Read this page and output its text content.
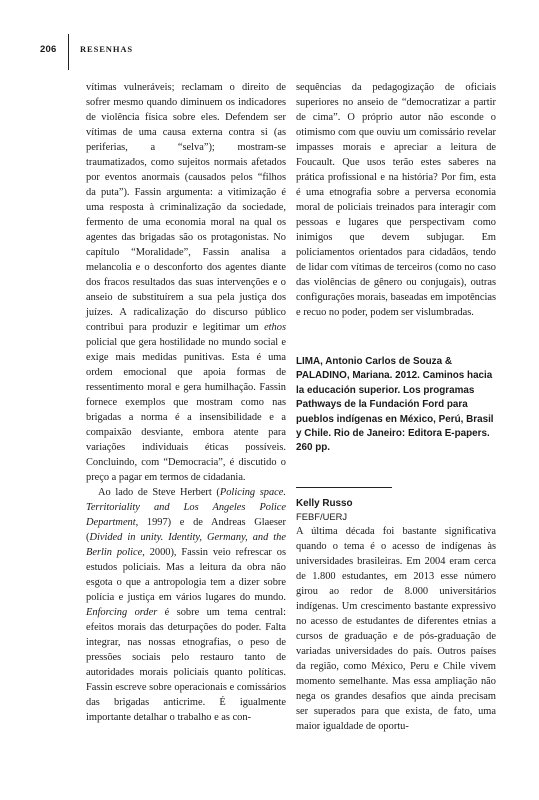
206	RESENHAS

vítimas vulneráveis; reclamam o direito de sofrer mesmo quando diminuem os indicadores de violência física sobre eles. Defendem ser vítimas de uma causa externa contra si (as periferias, a “selva”); mostram-se traumatizados, como sujeitos normais afetados por eventos anormais (causados pelos “filhos da puta”). Fassin argumenta: a vitimização é uma resposta à criminalização da sociedade, fermento de uma economia moral na qual os agentes das brigadas são os protagonistas. No capítulo “Moralidade”, Fassin analisa a melancolia e o desconforto dos agentes diante dos fracos resultados das suas intervenções e o anseio de substituírem a sua pela justiça dos juízes. A radicalização do discurso público contribui para produzir e legitimar um ethos policial que gera hostilidade no mundo social e exige mais medidas punitivas. Esta é uma ordem emocional que apoia formas de ressentimento moral e gera humilhação. Fassin fornece exemplos que mostram como nas brigadas a norma é a insensibilidade e a compaixão desviante, embora atente para variações individuais éticas possíveis. Concluindo, com “Democracia”, é discutido o preço a pagar em termos de cidadania.

Ao lado de Steve Herbert (Policing space. Territoriality and Los Angeles Police Department, 1997) e de Andreas Glaeser (Divided in unity. Identity, Germany, and the Berlin police, 2000), Fassin veio refrescar os estudos policiais. Mas a leitura da obra não esgota o que a antropologia tem a dizer sobre polícia e justiça em vários lugares do mundo. Enforcing order é sobre um tema central: efeitos morais das deturpações do poder. Falta integrar, nas nossas etnografias, o peso de pressões sociais pelo restauro tanto de autoridades morais policiais quanto políticas. Fassin escreve sobre operacionais e comissários das brigadas anticrime. É igualmente importante detalhar o trabalho e as con-

sequências da pedagogização de oficiais superiores no anseio de “democratizar a partir de cima”. O próprio autor não esconde o otimismo com que ouviu um comissário revelar impasses morais e apreciar a leitura de Foucault. Que usos terão estes saberes na prática profissional e na história? Por fim, esta é uma etnografia sobre a perversa economia moral de policiais treinados para interagir com pessoas e lugares que perspectivam como inimigos que devem subjugar. Em policiamentos orientados para cidadãos, tendo de lidar com vítimas de terceiros (como no caso das violências de gênero ou conjugais), outras configurações morais, baseadas em impotências e recuo no poder, podem ser vislumbradas.

LIMA, Antonio Carlos de Souza & PALADINO, Mariana. 2012. Caminos hacia la educación superior. Los programas Pathways de la Fundación Ford para pueblos indígenas en México, Perú, Brasil y Chile. Rio de Janeiro: Editora E-papers. 260 pp.
Kelly Russo
FEBF/UERJ

A última década foi bastante significativa quando o tema é o acesso de indígenas às universidades brasileiras. Em 2004 eram cerca de 1.800 estudantes, em 2013 esse número girou ao redor de 8.000 universitários indígenas. Um crescimento bastante expressivo no acesso de estudantes de diferentes etnias a cursos de graduação e de pós-graduação de variadas universidades do país. Outros países da região, como México, Peru e Chile vivem momento semelhante. Mas essa ampliação não nega os grandes desafios que ainda precisam ser superados para que exista, de fato, uma maior igualdade de oportu-
